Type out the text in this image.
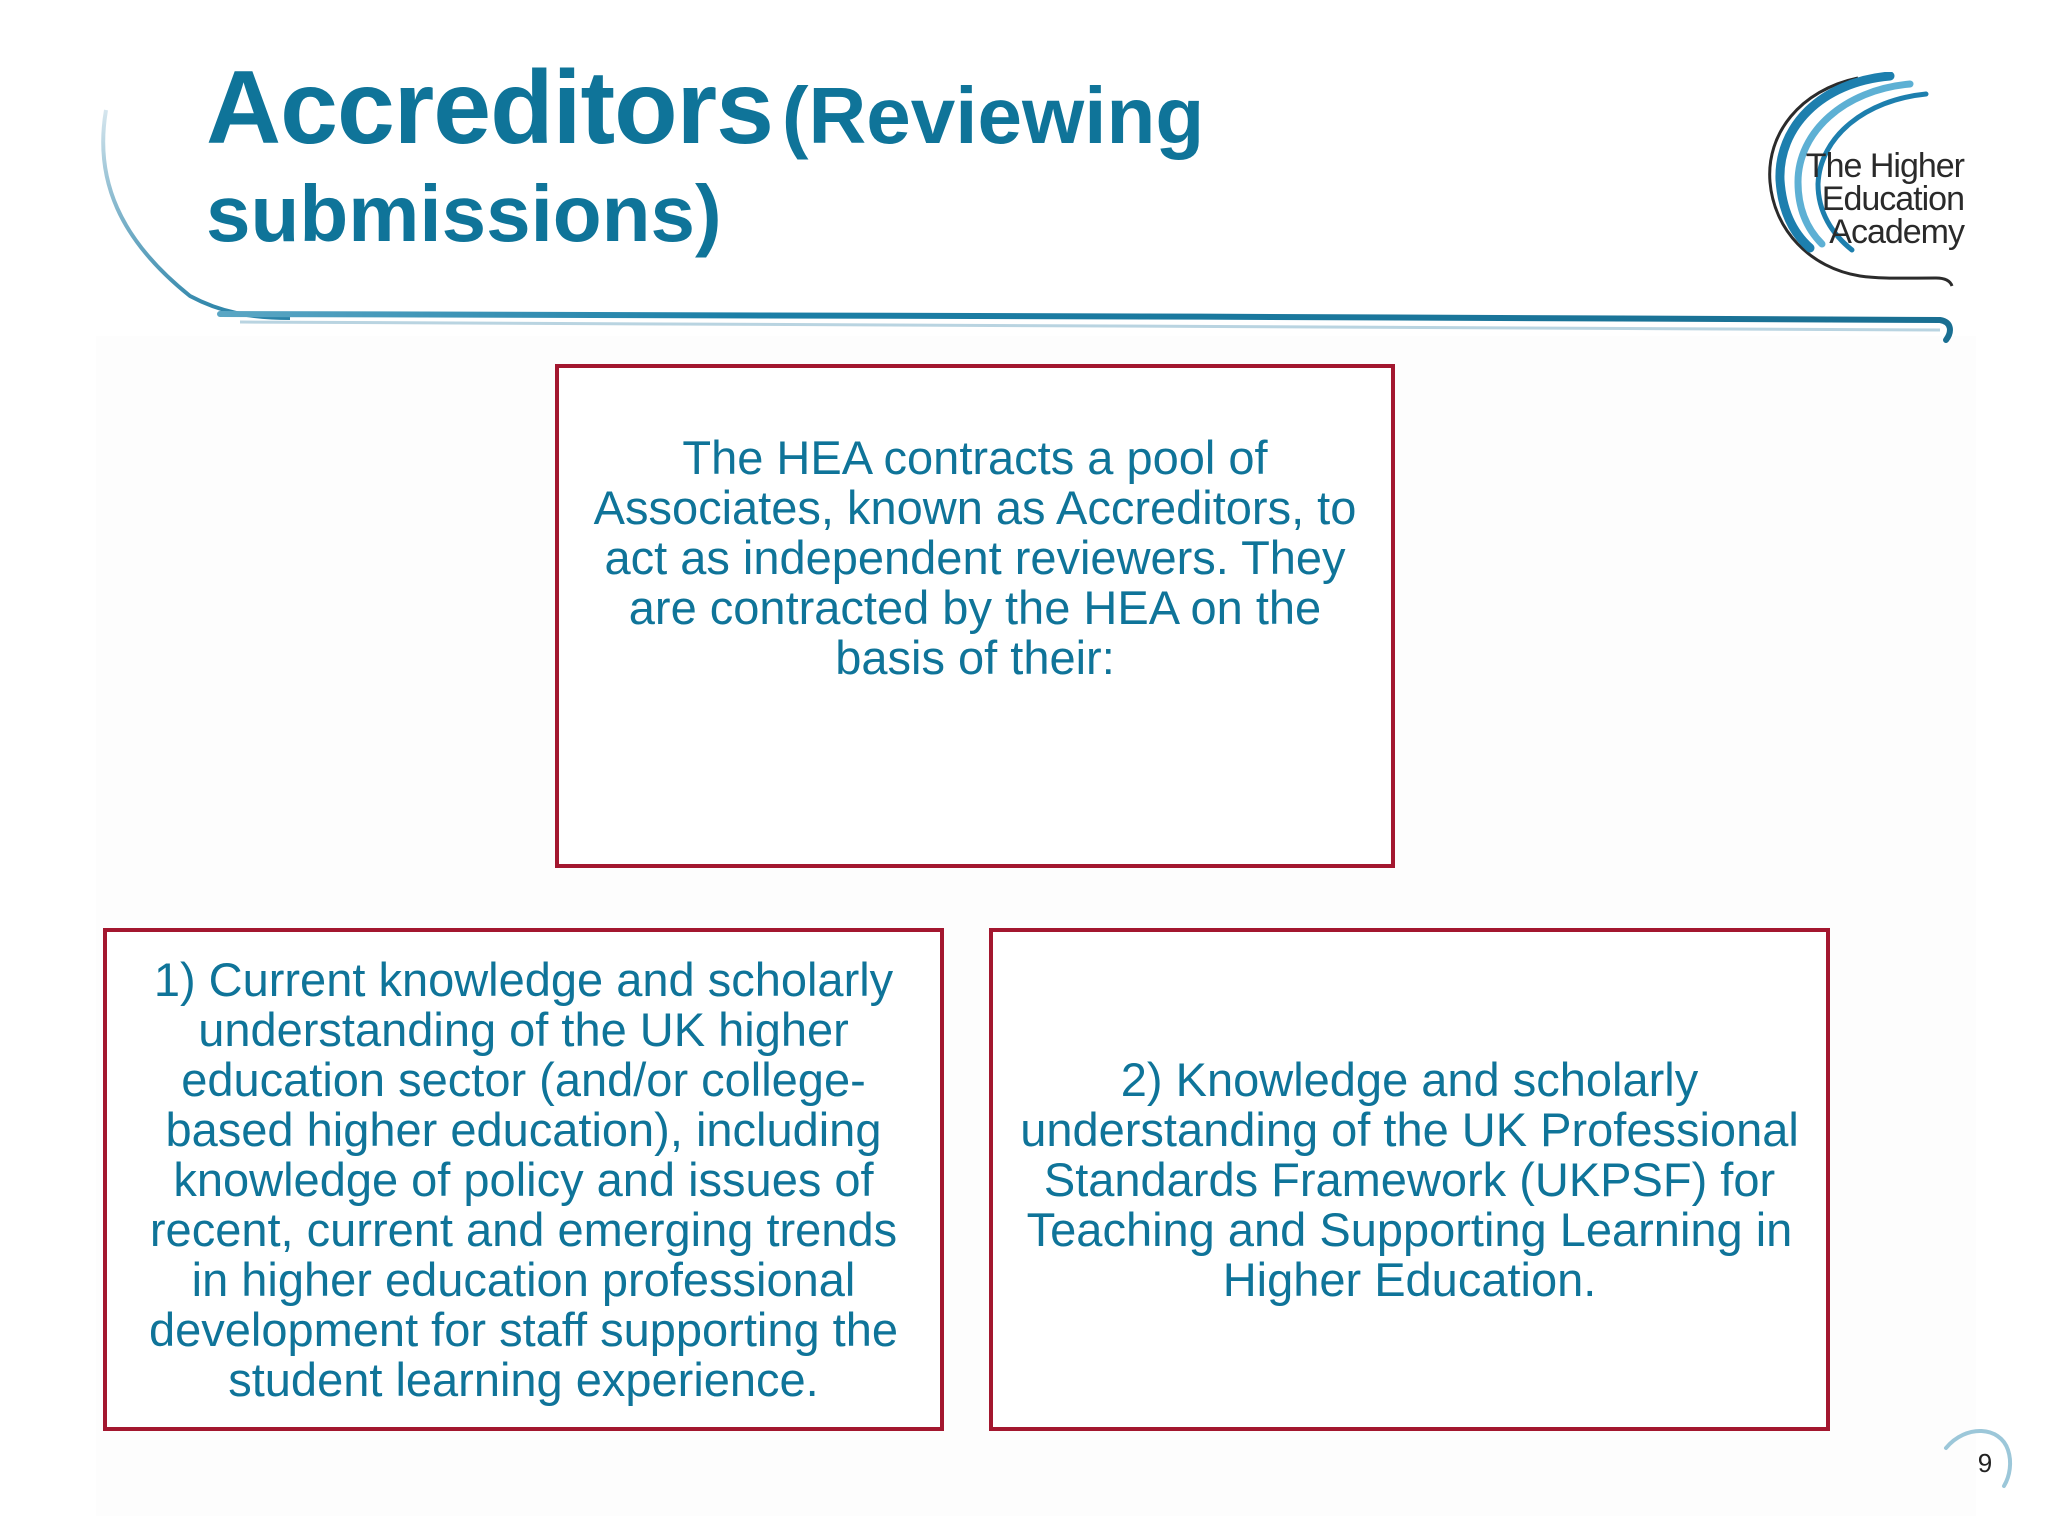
Accreditors (Reviewing
submissions)
The Higher
Education
Academy

The HEA contracts a pool of Associates, known as Accreditors, to act as independent reviewers. They are contracted by the HEA on the basis of their:

1) Current knowledge and scholarly understanding of the UK higher education sector (and/or college-based higher education), including knowledge of policy and issues of recent, current and emerging trends in higher education professional development for staff supporting the student learning experience.

2) Knowledge and scholarly understanding of the UK Professional Standards Framework (UKPSF) for Teaching and Supporting Learning in Higher Education.

9
